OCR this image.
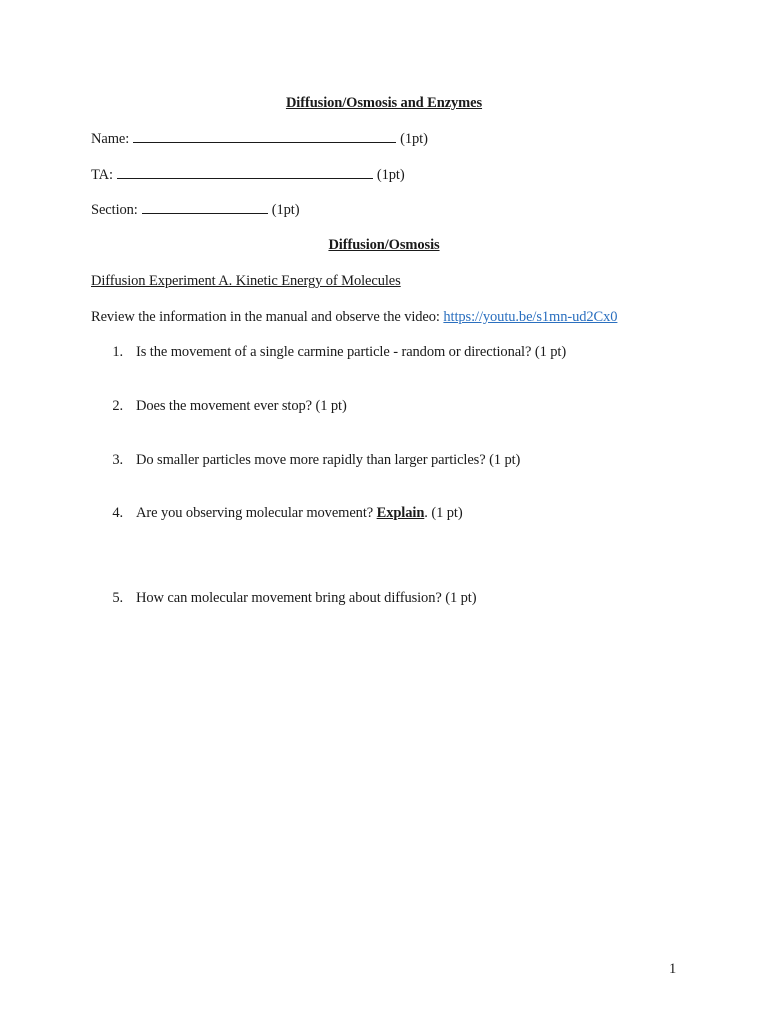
Diffusion/Osmosis and Enzymes
Name:	(1pt)
TA:	(1pt)
Section:	(1pt)
Diffusion/Osmosis
Diffusion Experiment A. Kinetic Energy of Molecules
Review the information in the manual and observe the video: https://youtu.be/s1mn-ud2Cx0
1. Is the movement of a single carmine particle - random or directional? (1 pt)
2. Does the movement ever stop? (1 pt)
3. Do smaller particles move more rapidly than larger particles? (1 pt)
4. Are you observing molecular movement? Explain. (1 pt)
5. How can molecular movement bring about diffusion? (1 pt)
1
